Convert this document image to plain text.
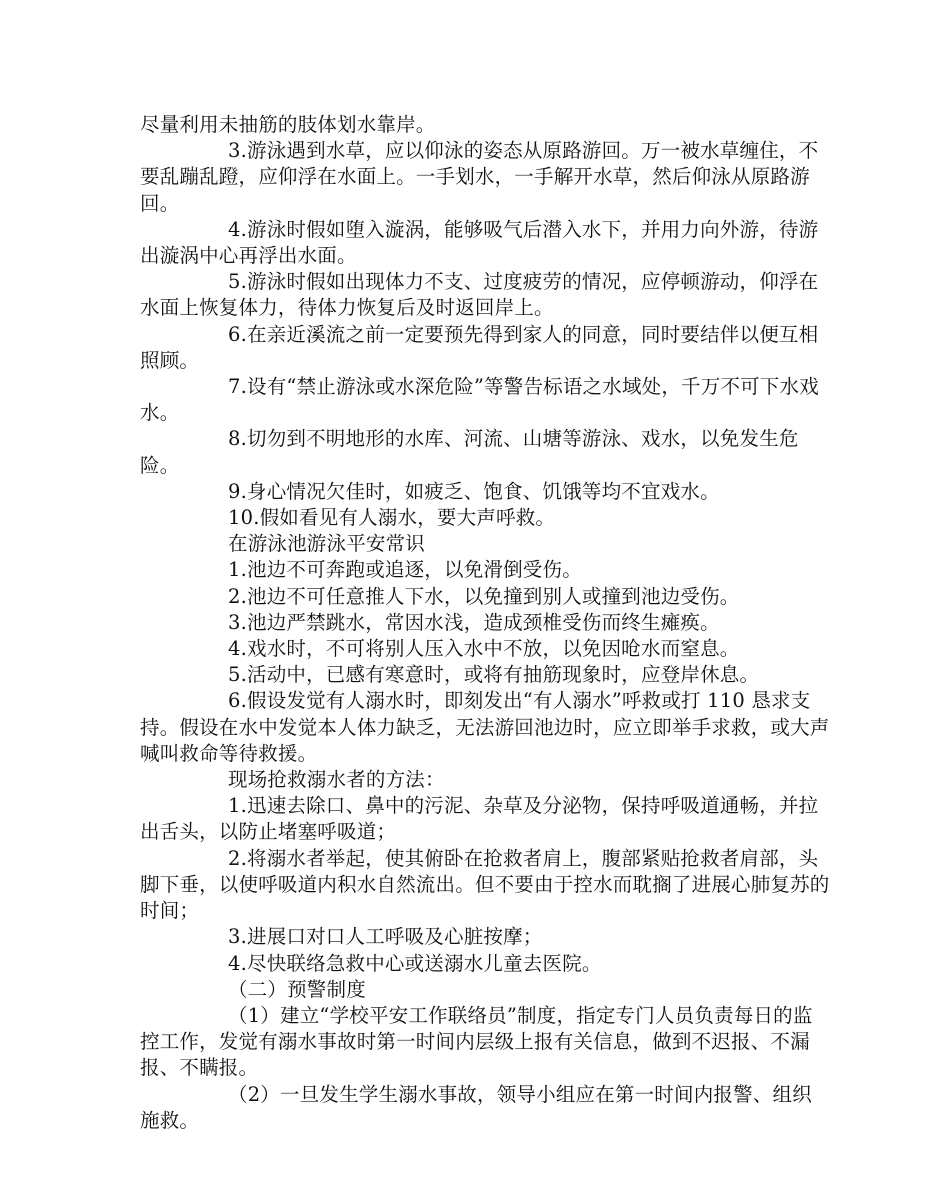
尽量利用未抽筋的肢体划水靠岸。

3.游泳遇到水草，应以仰泳的姿态从原路游回。万一被水草缠住，不要乱蹦乱蹬，应仰浮在水面上。一手划水，一手解开水草，然后仰泳从原路游回。

4.游泳时假如堕入漩涡，能够吸气后潜入水下，并用力向外游，待游出漩涡中心再浮出水面。

5.游泳时假如出现体力不支、过度疲劳的情况，应停顿游动，仰浮在水面上恢复体力，待体力恢复后及时返回岸上。

6.在亲近溪流之前一定要预先得到家人的同意，同时要结伴以便互相照顾。

7.设有“禁止游泳或水深危险”等警告标语之水域处，千万不可下水戏水。

8.切勿到不明地形的水库、河流、山塘等游泳、戏水，以免发生危险。

9.身心情况欠佳时，如疲乏、饱食、饥饿等均不宜戏水。

10.假如看见有人溺水，要大声呼救。

在游泳池游泳平安常识

1.池边不可奔跑或追逐，以免滑倒受伤。

2.池边不可任意推人下水，以免撞到别人或撞到池边受伤。

3.池边严禁跳水，常因水浅，造成颈椎受伤而终生瘫痪。

4.戏水时，不可将别人压入水中不放，以免因呛水而窒息。

5.活动中，已感有寒意时，或将有抽筋现象时，应登岸休息。

6.假设发觉有人溺水时，即刻发出“有人溺水”呼救或打 110 恳求支持。假设在水中发觉本人体力缺乏，无法游回池边时，应立即举手求救，或大声喊叫救命等待救援。

现场抢救溺水者的方法：

1.迅速去除口、鼻中的污泥、杂草及分泌物，保持呼吸道通畅，并拉出舌头，以防止堵塞呼吸道；

2.将溺水者举起，使其俯卧在抢救者肩上，腹部紧贴抢救者肩部，头脚下垂，以使呼吸道内积水自然流出。但不要由于控水而耽搁了进展心肺复苏的时间；

3.进展口对口人工呼吸及心脏按摩；

4.尽快联络急救中心或送溺水儿童去医院。

（二）预警制度

（1）建立“学校平安工作联络员”制度，指定专门人员负责每日的监控工作，发觉有溺水事故时第一时间内层级上报有关信息，做到不迟报、不漏报、不瞒报。

（2）一旦发生学生溺水事故，领导小组应在第一时间内报警、组织施救。
